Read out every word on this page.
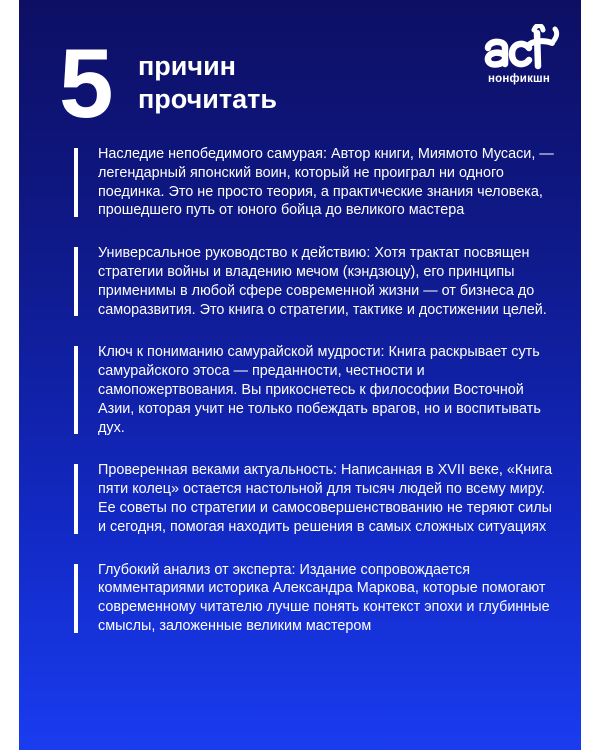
5 причин
прочитать
нонфикшн
Наследие непобедимого самурая: Автор книги, Миямото Мусаси, — легендарный японский воин, который не проиграл ни одного поединка. Это не просто теория, а практические знания человека, прошедшего путь от юного бойца до великого мастера
Универсальное руководство к действию: Хотя трактат посвящен стратегии войны и владению мечом (кэндзюцу), его принципы применимы в любой сфере современной жизни — от бизнеса до саморазвития. Это книга о стратегии, тактике и достижении целей.
Ключ к пониманию самурайской мудрости: Книга раскрывает суть самурайского этоса — преданности, честности и самопожертвования. Вы прикоснетесь к философии Восточной Азии, которая учит не только побеждать врагов, но и воспитывать дух.
Проверенная веками актуальность: Написанная в XVII веке, «Книга пяти колец» остается настольной для тысяч людей по всему миру. Ее советы по стратегии и самосовершенствованию не теряют силы и сегодня, помогая находить решения в самых сложных ситуациях
Глубокий анализ от эксперта: Издание сопровождается комментариями историка Александра Маркова, которые помогают современному читателю лучше понять контекст эпохи и глубинные смыслы, заложенные великим мастером
